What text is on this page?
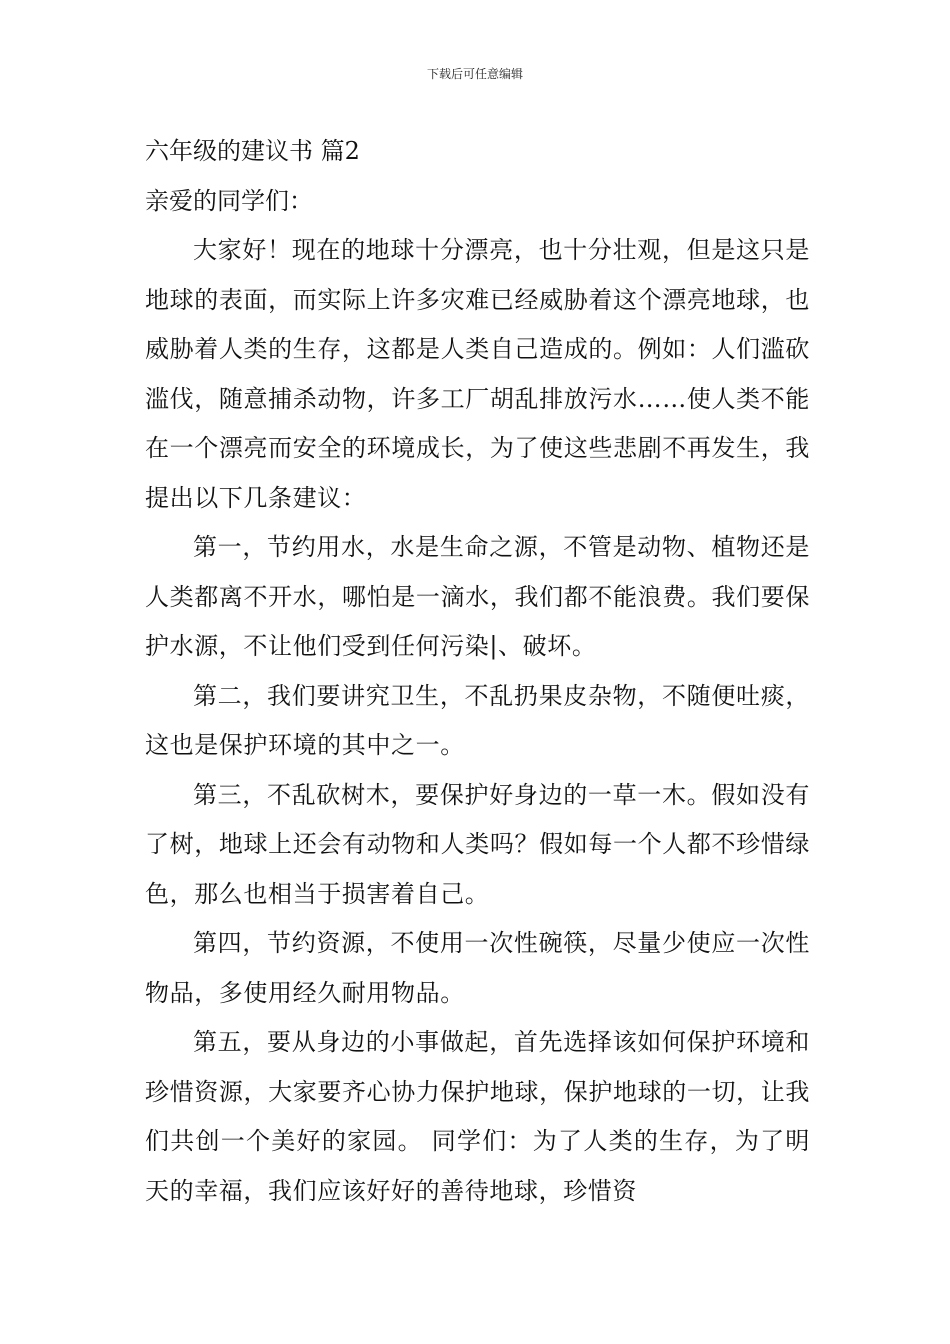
下载后可任意编辑

六年级的建议书 篇2

亲爱的同学们：

大家好！现在的地球十分漂亮，也十分壮观，但是这只是地球的表面，而实际上许多灾难已经威胁着这个漂亮地球，也威胁着人类的生存，这都是人类自己造成的。例如：人们滥砍滥伐，随意捕杀动物，许多工厂胡乱排放污水……使人类不能在一个漂亮而安全的环境成长，为了使这些悲剧不再发生，我提出以下几条建议：

第一，节约用水，水是生命之源，不管是动物、植物还是人类都离不开水，哪怕是一滴水，我们都不能浪费。我们要保护水源，不让他们受到任何污染|、破坏。

第二，我们要讲究卫生，不乱扔果皮杂物，不随便吐痰，这也是保护环境的其中之一。

第三，不乱砍树木，要保护好身边的一草一木。假如没有了树，地球上还会有动物和人类吗？假如每一个人都不珍惜绿色，那么也相当于损害着自己。

第四，节约资源，不使用一次性碗筷，尽量少使应一次性物品，多使用经久耐用物品。

第五，要从身边的小事做起，首先选择该如何保护环境和珍惜资源，大家要齐心协力保护地球，保护地球的一切，让我们共创一个美好的家园。 同学们：为了人类的生存，为了明天的幸福，我们应该好好的善待地球，珍惜资
